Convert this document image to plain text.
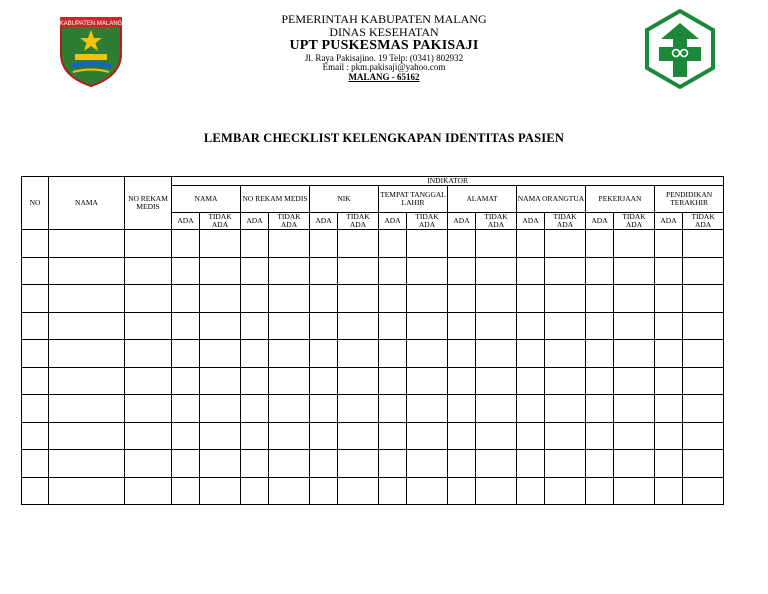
KABUPATEN MALANG	PEMERINTAH KABUPATEN MALANG
DINAS KESEHATAN
UPT PUSKESMAS PAKISAJI
Jl. Raya Pakisajino. 19 Telp: (0341) 802932
Email : pkm.pakisaji@yahoo.com
MALANG - 65162
LEMBAR CHECKLIST KELENGKAPAN IDENTITAS PASIEN
NO	NAMA	NO REKAM MEDIS	INDIKATOR															
			NAMA		NO REKAM MEDIS		NIK		TEMPAT TANGGAL LAHIR		ALAMAT		NAMA ORANGTUA		PEKERJAAN		PENDIDIKAN TERAKHIR	
			ADA	TIDAK ADA	ADA	TIDAK ADA	ADA	TIDAK ADA	ADA	TIDAK ADA	ADA	TIDAK ADA	ADA	TIDAK ADA	ADA	TIDAK ADA	ADA	TIDAK ADA
